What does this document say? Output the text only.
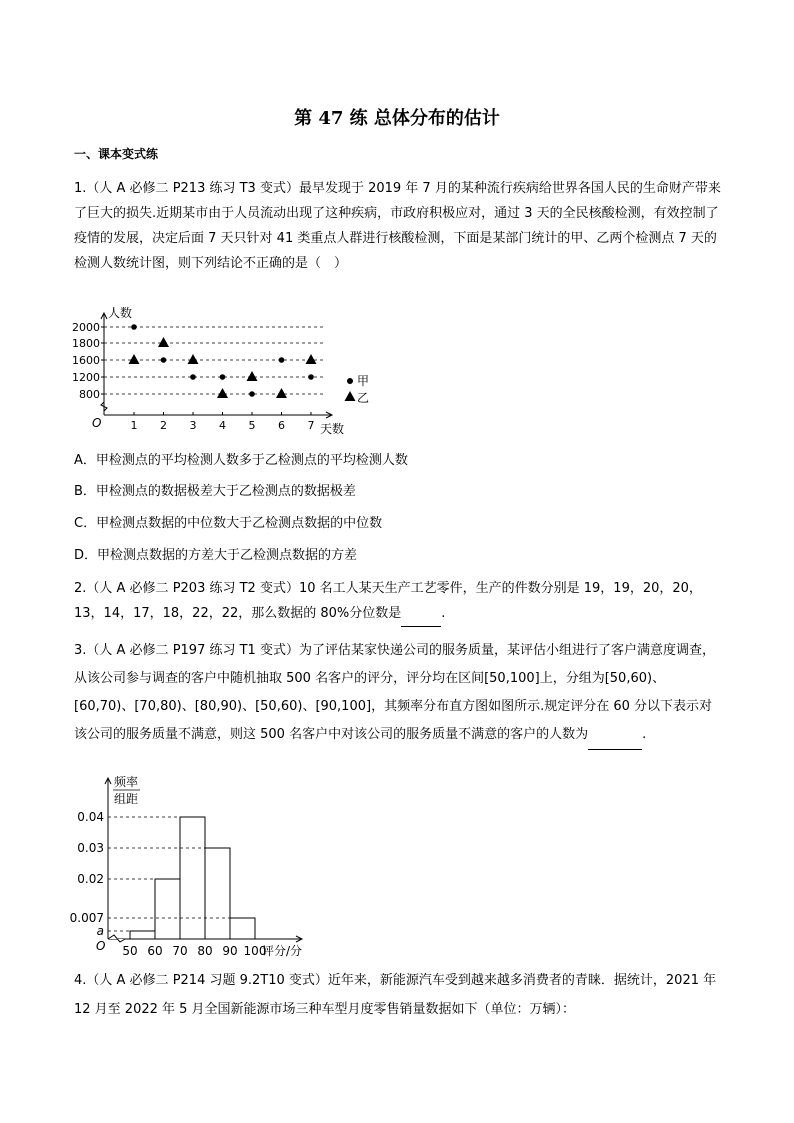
第 47 练 总体分布的估计
一、课本变式练

1.（人 A 必修二 P213 练习 T3 变式）最早发现于 2019 年 7 月的某种流行疾病给世界各国人民的生命财产带来了巨大的损失.近期某市由于人员流动出现了这种疾病，市政府积极应对，通过 3 天的全民核酸检测，有效控制了疫情的发展，决定后面 7 天只针对 41 类重点人群进行核酸检测，下面是某部门统计的甲、乙两个检测点 7 天的检测人数统计图，则下列结论不正确的是（　）

人数
天数
O
2000
1800
1600
1200
800
1 2 3 4 5 6 7
甲
乙
A．甲检测点的平均检测人数多于乙检测点的平均检测人数
B．甲检测点的数据极差大于乙检测点的数据极差
C．甲检测点数据的中位数大于乙检测点数据的中位数
D．甲检测点数据的方差大于乙检测点数据的方差

2.（人 A 必修二 P203 练习 T2 变式）10 名工人某天生产工艺零件，生产的件数分别是 19，19，20，20，13，14，17，18，22，22，那么数据的 80%分位数是	.

3.（人 A 必修二 P197 练习 T1 变式）为了评估某家快递公司的服务质量，某评估小组进行了客户满意度调查，从该公司参与调查的客户中随机抽取 500 名客户的评分，评分均在区间[50,100]上，分组为[50,60)、[60,70)、[70,80)、[80,90)、[50,60)、[90,100]，其频率分布直方图如图所示.规定评分在 60 分以下表示对该公司的服务质量不满意，则这 500 名客户中对该公司的服务质量不满意的客户的人数为	.

频率
组距
评分/分
O
0.04
0.03
0.02
0.007
a
50 60 70 80 90 100

4.（人 A 必修二 P214 习题 9.2T10 变式）近年来，新能源汽车受到越来越多消费者的青睐．据统计，2021 年 12 月至 2022 年 5 月全国新能源市场三种车型月度零售销量数据如下（单位：万辆）：
